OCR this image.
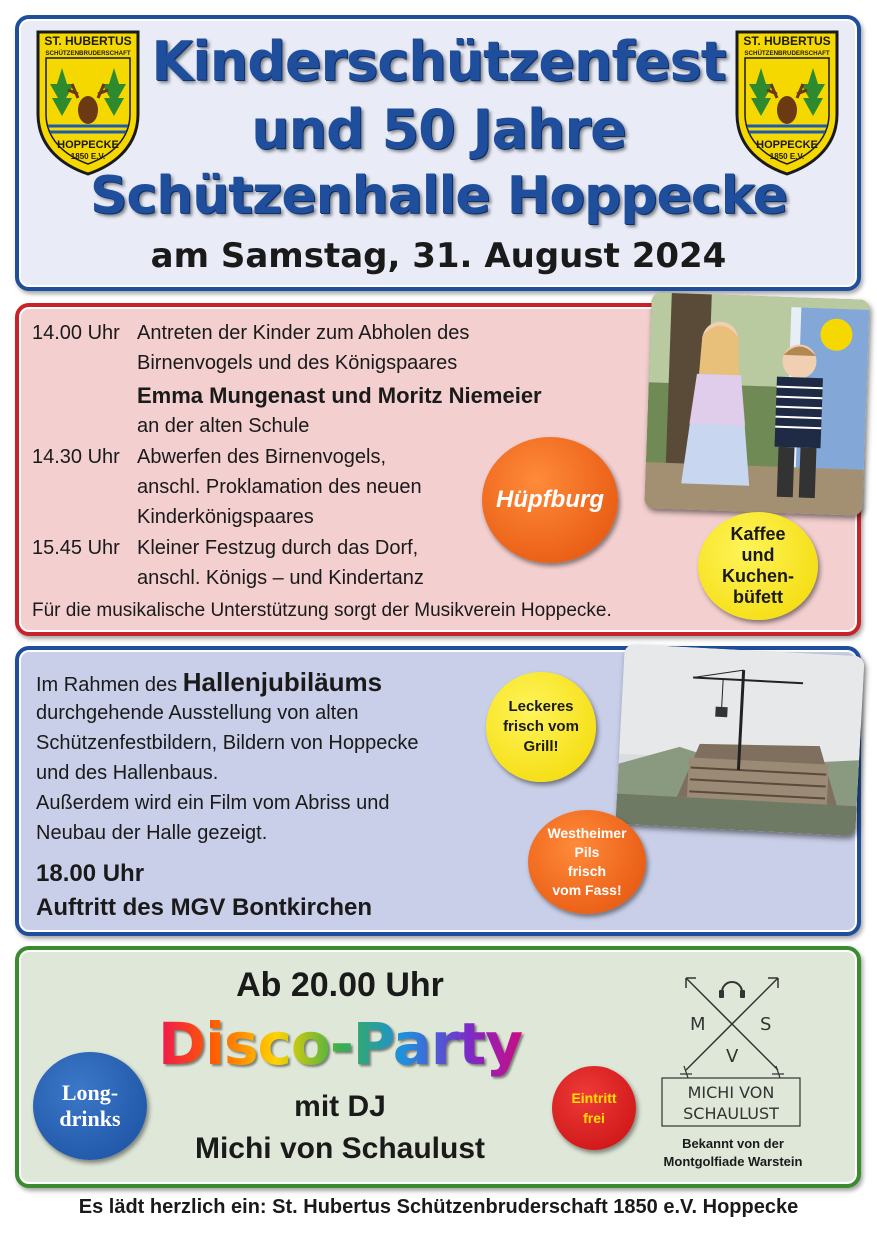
ST. HUBERTUS
SCHÜTZENBRUDERSCHAFT
HOPPECKE
1850 E.V.
ST. HUBERTUS
SCHÜTZENBRUDERSCHAFT
HOPPECKE
1850 E.V.
Kinderschützenfest
und 50 Jahre
Schützenhalle Hoppecke
am Samstag, 31. August 2024
14.00 Uhr Antreten der Kinder zum Abholen des
Birnenvogels und des Königspaares
Emma Mungenast und Moritz Niemeier
an der alten Schule
14.30 Uhr Abwerfen des Birnenvogels,
anschl. Proklamation des neuen
Kinderkönigspaares
15.45 Uhr Kleiner Festzug durch das Dorf,
anschl. Königs – und Kindertanz
Für die musikalische Unterstützung sorgt der Musikverein Hoppecke.
Hüpfburg
Kaffee
und
Kuchen-
büfett
Im Rahmen des Hallenjubiläums
durchgehende Ausstellung von alten
Schützenfestbildern, Bildern von Hoppecke
und des Hallenbaus.
Außerdem wird ein Film vom Abriss und
Neubau der Halle gezeigt.
18.00 Uhr
Auftritt des MGV Bontkirchen
Leckeres
frisch vom
Grill!
Westheimer
Pils
frisch
vom Fass!
Ab 20.00 Uhr
Disco-Party
mit DJ
Michi von Schaulust
Long-
drinks
Eintritt
frei
M	S
V
MICHI VON
SCHAULUST
Bekannt von der
Montgolfiade Warstein
Es lädt herzlich ein: St. Hubertus Schützenbruderschaft 1850 e.V. Hoppecke
